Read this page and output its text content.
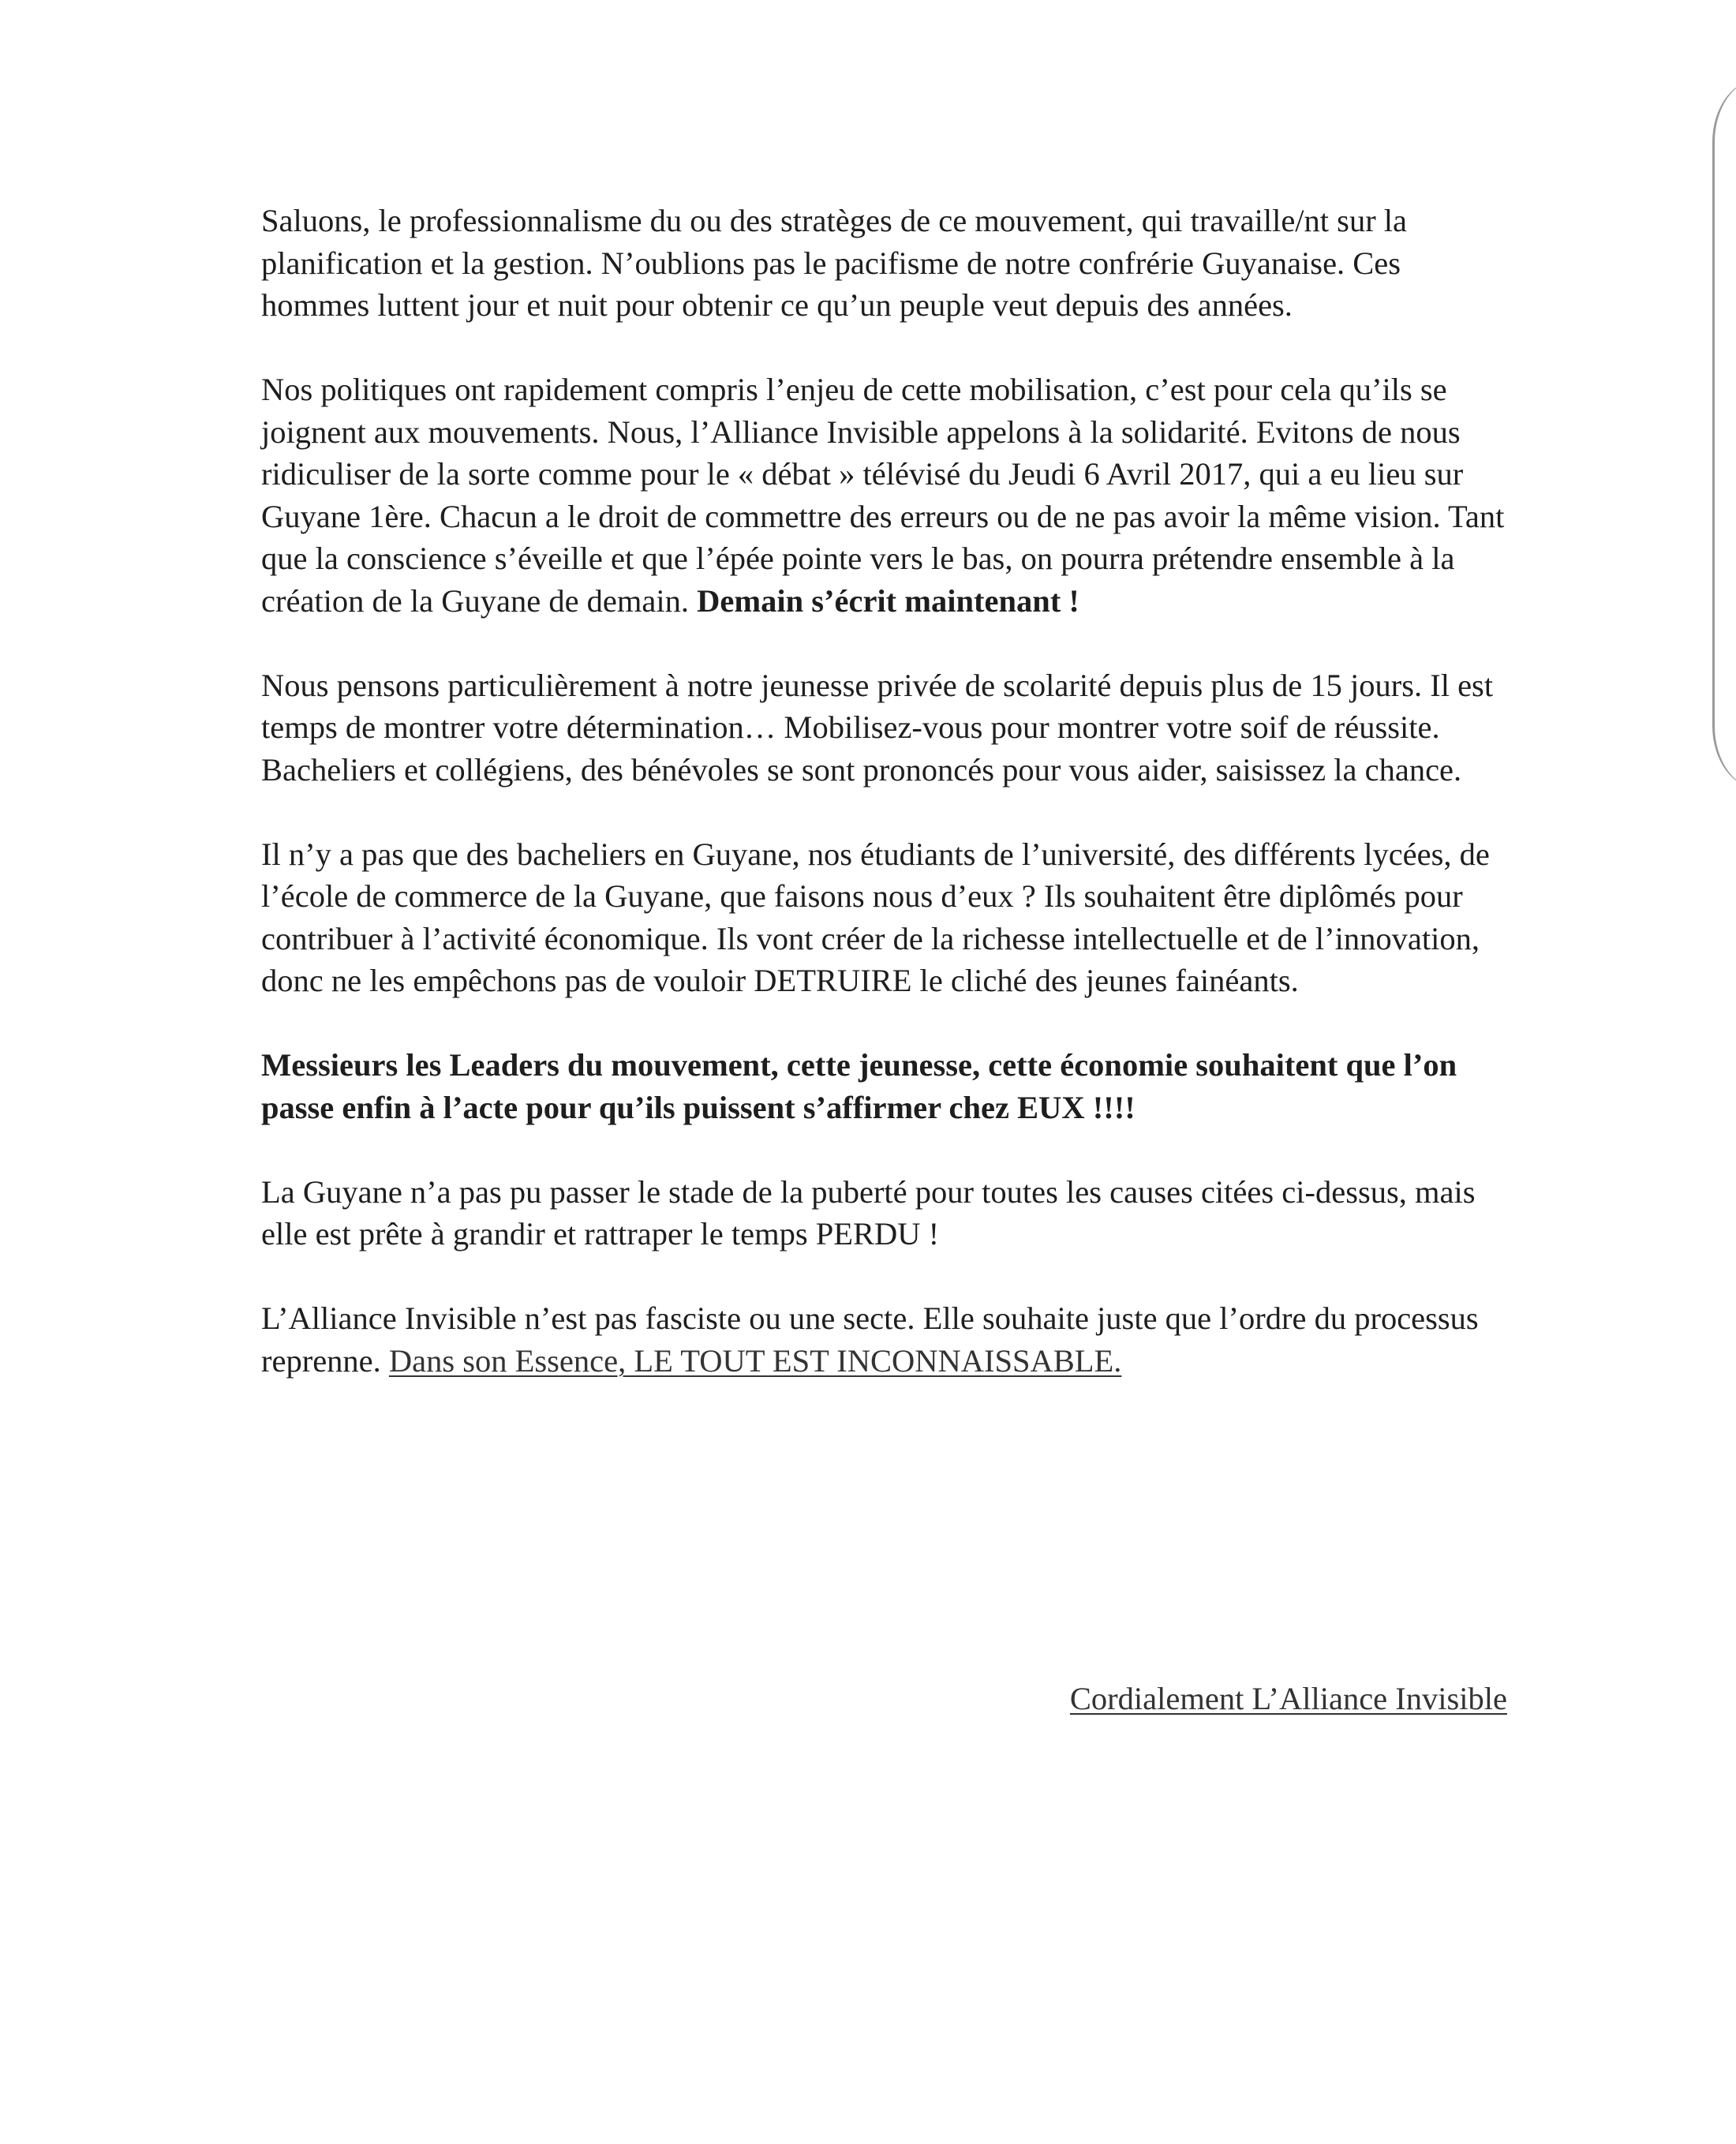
Saluons, le professionnalisme du ou des stratèges de ce mouvement, qui travaille/nt sur la planification et la gestion. N’oublions pas le pacifisme de notre confrérie Guyanaise. Ces hommes luttent jour et nuit pour obtenir ce qu’un peuple veut depuis des années.

Nos politiques ont rapidement compris l’enjeu de cette mobilisation, c’est pour cela qu’ils se joignent aux mouvements. Nous, l’Alliance Invisible appelons à la solidarité. Evitons de nous ridiculiser de la sorte comme pour le « débat » télévisé du Jeudi 6 Avril 2017, qui a eu lieu sur Guyane 1ère. Chacun a le droit de commettre des erreurs ou de ne pas avoir la même vision. Tant que la conscience s’éveille et que l’épée pointe vers le bas, on pourra prétendre ensemble à la création de la Guyane de demain. Demain s’écrit maintenant !

Nous pensons particulièrement à notre jeunesse privée de scolarité depuis plus de 15 jours. Il est temps de montrer votre détermination… Mobilisez-vous pour montrer votre soif de réussite. Bacheliers et collégiens, des bénévoles se sont prononcés pour vous aider, saisissez la chance.

Il n’y a pas que des bacheliers en Guyane, nos étudiants de l’université, des différents lycées, de l’école de commerce de la Guyane, que faisons nous d’eux ? Ils souhaitent être diplômés pour contribuer à l’activité économique. Ils vont créer de la richesse intellectuelle et de l’innovation, donc ne les empêchons pas de vouloir DETRUIRE le cliché des jeunes fainéants.

Messieurs les Leaders du mouvement, cette jeunesse, cette économie souhaitent que l’on passe enfin à l’acte pour qu’ils puissent s’affirmer chez EUX !!!!

La Guyane n’a pas pu passer le stade de la puberté pour toutes les causes citées ci-dessus, mais elle est prête à grandir et rattraper le temps PERDU !

L’Alliance Invisible n’est pas fasciste ou une secte. Elle souhaite juste que l’ordre du processus reprenne. Dans son Essence, LE TOUT EST INCONNAISSABLE.

Cordialement L’Alliance Invisible
